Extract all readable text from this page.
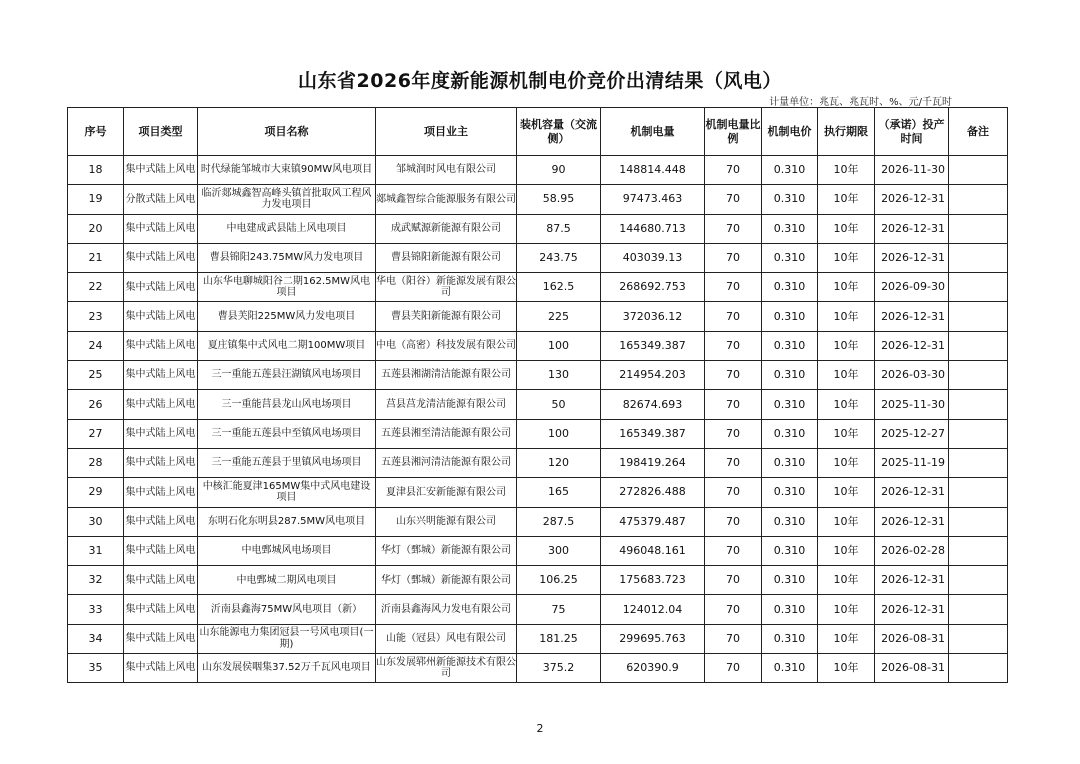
山东省2026年度新能源机制电价竞价出清结果（风电）
计量单位：兆瓦、兆瓦时、%、元/千瓦时
序号	项目类型	项目名称	项目业主	装机容量（交流侧）	机制电量	机制电量比例	机制电价	执行期限	（承诺）投产时间	备注
18	集中式陆上风电	时代绿能邹城市大束镇90MW风电项目	邹城润时风电有限公司	90	148814.448	70	0.310	10年	2026-11-30	
19	分散式陆上风电	临沂郯城鑫智高峰头镇首批取风工程风力发电项目	郯城鑫智综合能源服务有限公司	58.95	97473.463	70	0.310	10年	2026-12-31	
20	集中式陆上风电	中电建成武县陆上风电项目	成武赋源新能源有限公司	87.5	144680.713	70	0.310	10年	2026-12-31	
21	集中式陆上风电	曹县锦阳243.75MW风力发电项目	曹县锦阳新能源有限公司	243.75	403039.13	70	0.310	10年	2026-12-31	
22	集中式陆上风电	山东华电聊城阳谷二期162.5MW风电项目	华电（阳谷）新能源发展有限公司	162.5	268692.753	70	0.310	10年	2026-09-30	
23	集中式陆上风电	曹县芙阳225MW风力发电项目	曹县芙阳新能源有限公司	225	372036.12	70	0.310	10年	2026-12-31	
24	集中式陆上风电	夏庄镇集中式风电二期100MW项目	中电（高密）科技发展有限公司	100	165349.387	70	0.310	10年	2026-12-31	
25	集中式陆上风电	三一重能五莲县汪湖镇风电场项目	五莲县湘湖清洁能源有限公司	130	214954.203	70	0.310	10年	2026-03-30	
26	集中式陆上风电	三一重能莒县龙山风电场项目	莒县莒龙清洁能源有限公司	50	82674.693	70	0.310	10年	2025-11-30	
27	集中式陆上风电	三一重能五莲县中至镇风电场项目	五莲县湘至清洁能源有限公司	100	165349.387	70	0.310	10年	2025-12-27	
28	集中式陆上风电	三一重能五莲县于里镇风电场项目	五莲县湘河清洁能源有限公司	120	198419.264	70	0.310	10年	2025-11-19	
29	集中式陆上风电	中核汇能夏津165MW集中式风电建设项目	夏津县汇安新能源有限公司	165	272826.488	70	0.310	10年	2026-12-31	
30	集中式陆上风电	东明石化东明县287.5MW风电项目	山东兴明能源有限公司	287.5	475379.487	70	0.310	10年	2026-12-31	
31	集中式陆上风电	中电鄄城风电场项目	华灯（鄄城）新能源有限公司	300	496048.161	70	0.310	10年	2026-02-28	
32	集中式陆上风电	中电鄄城二期风电项目	华灯（鄄城）新能源有限公司	106.25	175683.723	70	0.310	10年	2026-12-31	
33	集中式陆上风电	沂南县鑫海75MW风电项目（新）	沂南县鑫海风力发电有限公司	75	124012.04	70	0.310	10年	2026-12-31	
34	集中式陆上风电	山东能源电力集团冠县一号风电项目(一期)	山能（冠县）风电有限公司	181.25	299695.763	70	0.310	10年	2026-08-31	
35	集中式陆上风电	山东发展侯咽集37.52万千瓦风电项目	山东发展郓州新能源技术有限公司	375.2	620390.9	70	0.310	10年	2026-08-31	
2
